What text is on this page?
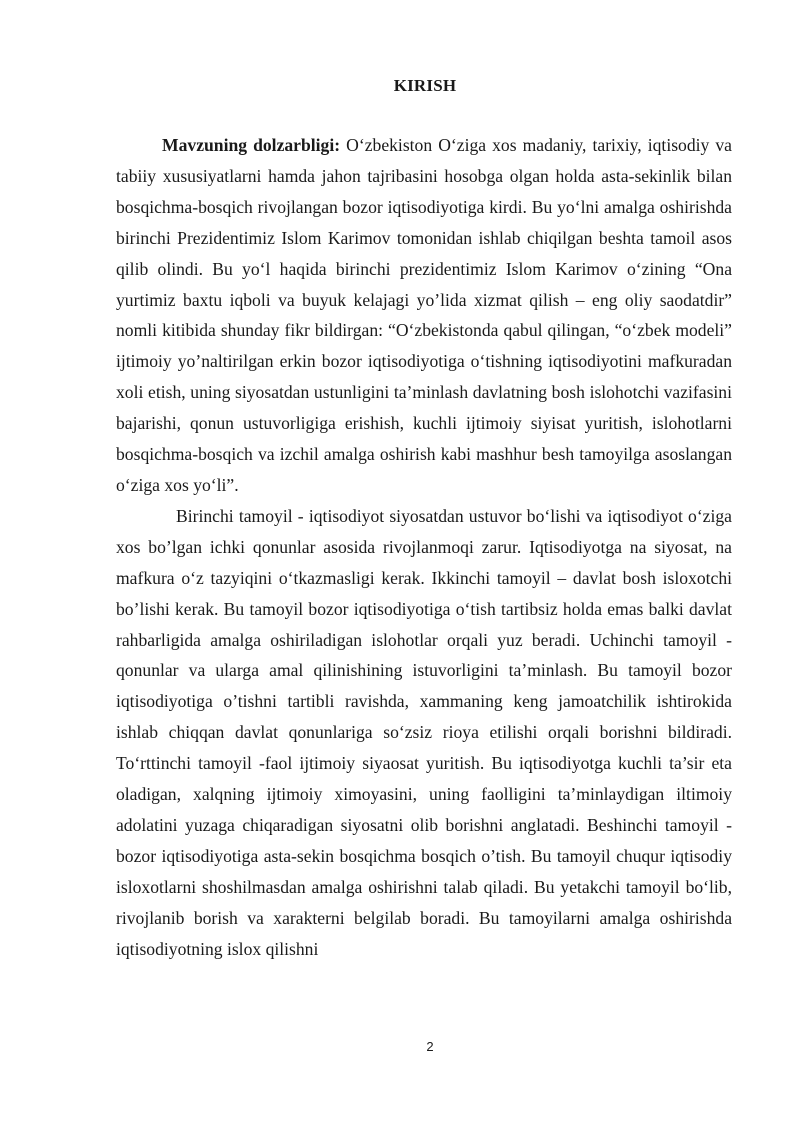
KIRISH

Mavzuning dolzarbligi: O‘zbekiston O‘ziga xos madaniy, tarixiy, iqtisodiy va tabiiy xususiyatlarni hamda jahon tajribasini hosobga olgan holda asta-sekinlik bilan bosqichma-bosqich rivojlangan bozor iqtisodiyotiga kirdi. Bu yo‘lni amalga oshirishda birinchi Prezidentimiz Islom Karimov tomonidan ishlab chiqilgan beshta tamoil asos qilib olindi. Bu yo‘l haqida birinchi prezidentimiz Islom Karimov o‘zining “Ona yurtimiz baxtu iqboli va buyuk kelajagi yo’lida xizmat qilish – eng oliy saodatdir” nomli kitibida shunday fikr bildirgan: “O‘zbekistonda qabul qilingan, “o‘zbek modeli” ijtimoiy yo’naltirilgan erkin bozor iqtisodiyotiga o‘tishning iqtisodiyotini mafkuradan xoli etish, uning siyosatdan ustunligini ta’minlash davlatning bosh islohotchi vazifasini bajarishi, qonun ustuvorligiga erishish, kuchli ijtimoiy siyisat yuritish, islohotlarni bosqichma-bosqich va izchil amalga oshirish kabi mashhur besh tamoyilga asoslangan o‘ziga xos yo‘li”.

Birinchi tamoyil - iqtisodiyot siyosatdan ustuvor bo‘lishi va iqtisodiyot o‘ziga xos bo’lgan ichki qonunlar asosida rivojlanmoqi zarur. Iqtisodiyotga na siyosat, na mafkura o‘z tazyiqini o‘tkazmasligi kerak. Ikkinchi tamoyil – davlat bosh isloxotchi bo’lishi kerak. Bu tamoyil bozor iqtisodiyotiga o‘tish tartibsiz holda emas balki davlat rahbarligida amalga oshiriladigan islohotlar orqali yuz beradi. Uchinchi tamoyil - qonunlar va ularga amal qilinishining istuvorligini ta’minlash. Bu tamoyil bozor iqtisodiyotiga o’tishni tartibli ravishda, xammaning keng jamoatchilik ishtirokida ishlab chiqqan davlat qonunlariga so‘zsiz rioya etilishi orqali borishni bildiradi. To‘rttinchi tamoyil -faol ijtimoiy siyaosat yuritish. Bu iqtisodiyotga kuchli ta’sir eta oladigan, xalqning ijtimoiy ximoyasini, uning faolligini ta’minlaydigan iltimoiy adolatini yuzaga chiqaradigan siyosatni olib borishni anglatadi. Beshinchi tamoyil - bozor iqtisodiyotiga asta-sekin bosqichma bosqich o’tish. Bu tamoyil chuqur iqtisodiy isloxotlarni shoshilmasdan amalga oshirishni talab qiladi. Bu yetakchi tamoyil bo‘lib, rivojlanib borish va xarakterni belgilab boradi. Bu tamoyilarni amalga oshirishda iqtisodiyotning islox qilishni

2
